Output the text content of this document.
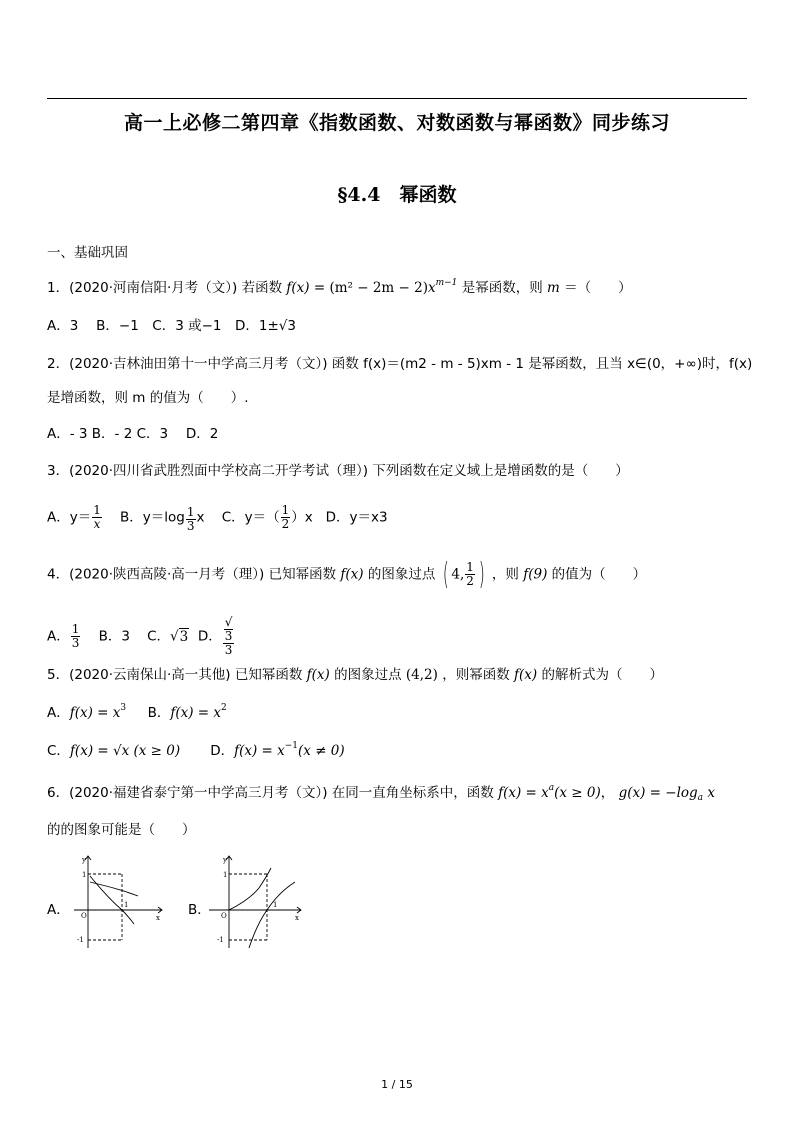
高一上必修二第四章《指数函数、对数函数与幂函数》同步练习
§4.4　幂函数
一、基础巩固
1．(2020·河南信阳·月考（文）) 若函数 $f(x) = (m^2 - 2m - 2)x^{m-1}$ 是幂函数，则 m ＝（　　）
A．3　 B．−1　C．3 或−1　D．1±√3
2．(2020·吉林油田第十一中学高三月考（文）) 函数 f(x)＝(m2 - m - 5)xm - 1 是幂函数，且当 x∈(0，+∞)时，f(x)
是增函数，则 m 的值为（　　）.
A．- 3 B．- 2 C．3　 D．2
3．(2020·四川省武胜烈面中学校高二开学考试（理）) 下列函数在定义域上是增函数的是（　　）
A．$y= \frac{1}{x}$ B．$y=\log \frac{1}{3}$ x C．$y=( \frac{1}{2} )x$ D．y＝x3
4．(2020·陕西高陵·高一月考（理）) 已知幂函数 f(x) 的图象过点 ( 4, $\frac{1}{2}$ ) ，则 f(9) 的值为（　　）
A． $\frac{1}{3}$ B．3 C．√3 D． √
3
3
5．(2020·云南保山·高一其他) 已知幂函数 f(x) 的图象过点 (4,2) ，则幂函数 f(x) 的解析式为（　　）
A．$f(x) = x^3$ B．$f(x) = x^2$
C．f(x) = √x (x ≥ 0) D．$f(x) = x^{-1}(x \ne 0)$
6．(2020·福建省泰宁第一中学高三月考（文）) 在同一直角坐标系中，函数 $f(x) = x^a(x \ge 0)$， $g(x) = -\log_a$ x
的的图象可能是（　　）
A．
y
x
O
1
1
-1
B．
y
x
O
1
1
-1
1 / 15
